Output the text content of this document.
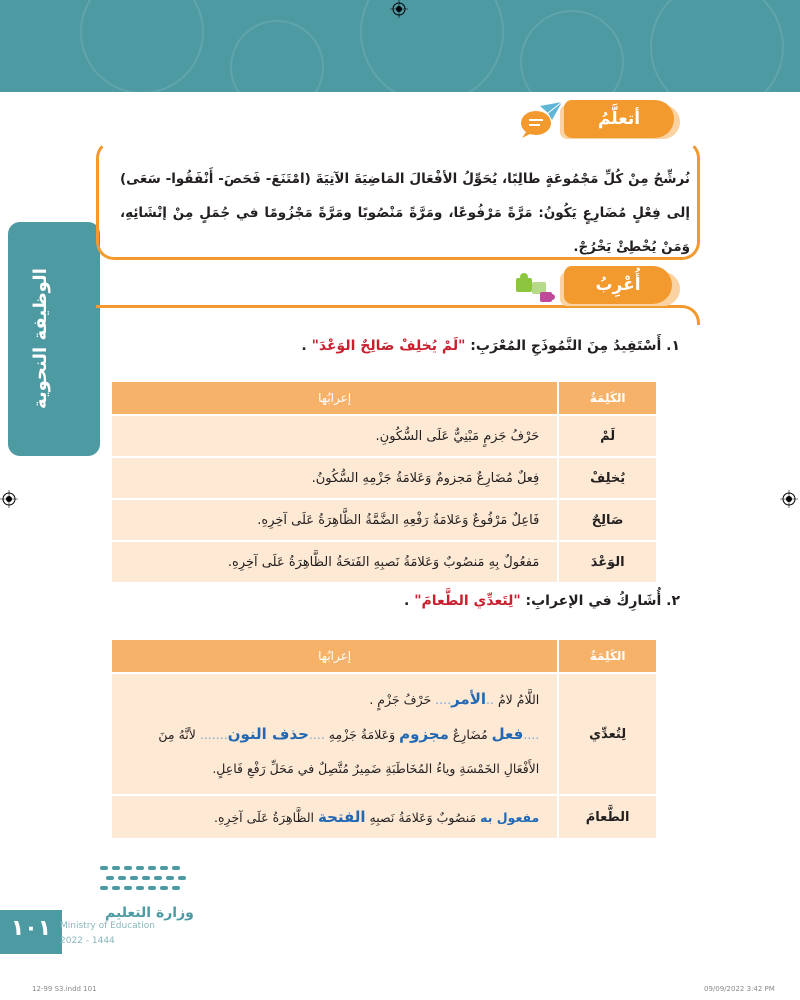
الوظيفة النحوية
أتعلَّمُ وأتسلَّى
نُرشِّحُ مِنْ كُلِّ مَجْمُوعَةٍ طالِبًا، يُحَوِّلُ الأفْعَالَ المَاضِيَةَ الآتِيَةَ (امْتَنَعَ- فَحَصَ- أَنْفَقُوا- سَعَى) إلى فِعْلٍ مُضَارِعٍ يَكُونُ: مَرَّةً مَرْفُوعًا، ومَرَّةً مَنْصُوبًا ومَرَّةً مَجْزُومًا في جُمَلٍ مِنْ إنْشَائِهِ، وَمَنْ يُخْطِئْ يَخْرُجْ.
أُعْرِبُ
١. أَسْتَفِيدُ مِنَ النَّمُوذَجِ المُعْرَبِ: "لَمْ يُخلِفْ صَالِحٌ الوَعْدَ" .
الكَلِمَةُ	إعرابُها
لَمْ	حَرْفُ جَزمٍ مَبْنِيٌّ عَلَى السُّكُونِ.
يُخلِفْ	فِعلٌ مُضَارِعٌ مَجزومٌ وَعَلامَةُ جَزْمِهِ السُّكُونُ.
صَالِحٌ	فَاعِلٌ مَرْفُوعٌ وَعَلامَةُ رَفْعِهِ الضَّمَّةُ الظَّاهِرَةُ عَلَى آخِرِهِ.
الوَعْدَ	مَفعُولٌ بِهِ مَنصُوبٌ وَعَلامَةُ نَصبِهِ الفَتحَةُ الظَّاهِرَةُ عَلَى آخِرِهِ.
٢. أُشَارِكُ في الإعرابِ: "لِتَعدِّي الطَّعامَ" .
الكَلِمَةُ	إعرابُها
لِتُعدِّي	اللَّامُ لامُ ..الأمر.... حَرْفُ جَزْمٍ .
....فعل مُضَارِعٌ مجزوم وَعَلامَةُ جَزْمِهِ ....حذف النون....... لأنَّهُ مِنَ
الأَفْعَالِ الخَمْسَةِ وياءُ المُخَاطَبَةِ ضَمِيرٌ مُتَّصِلٌ في مَحَلِّ رَفْعِ فَاعِلٍ.

الطَّعامَ	مفعول به مَنصُوبٌ وَعَلامَةُ نَصبِهِ الفتحة الظَّاهِرَةُ عَلَى آخِرِهِ.
١٠١
وزارة التعليم
Ministry of Education
2022 - 1444
12-99 S3.indd 101	09/09/2022 3:42 PM
